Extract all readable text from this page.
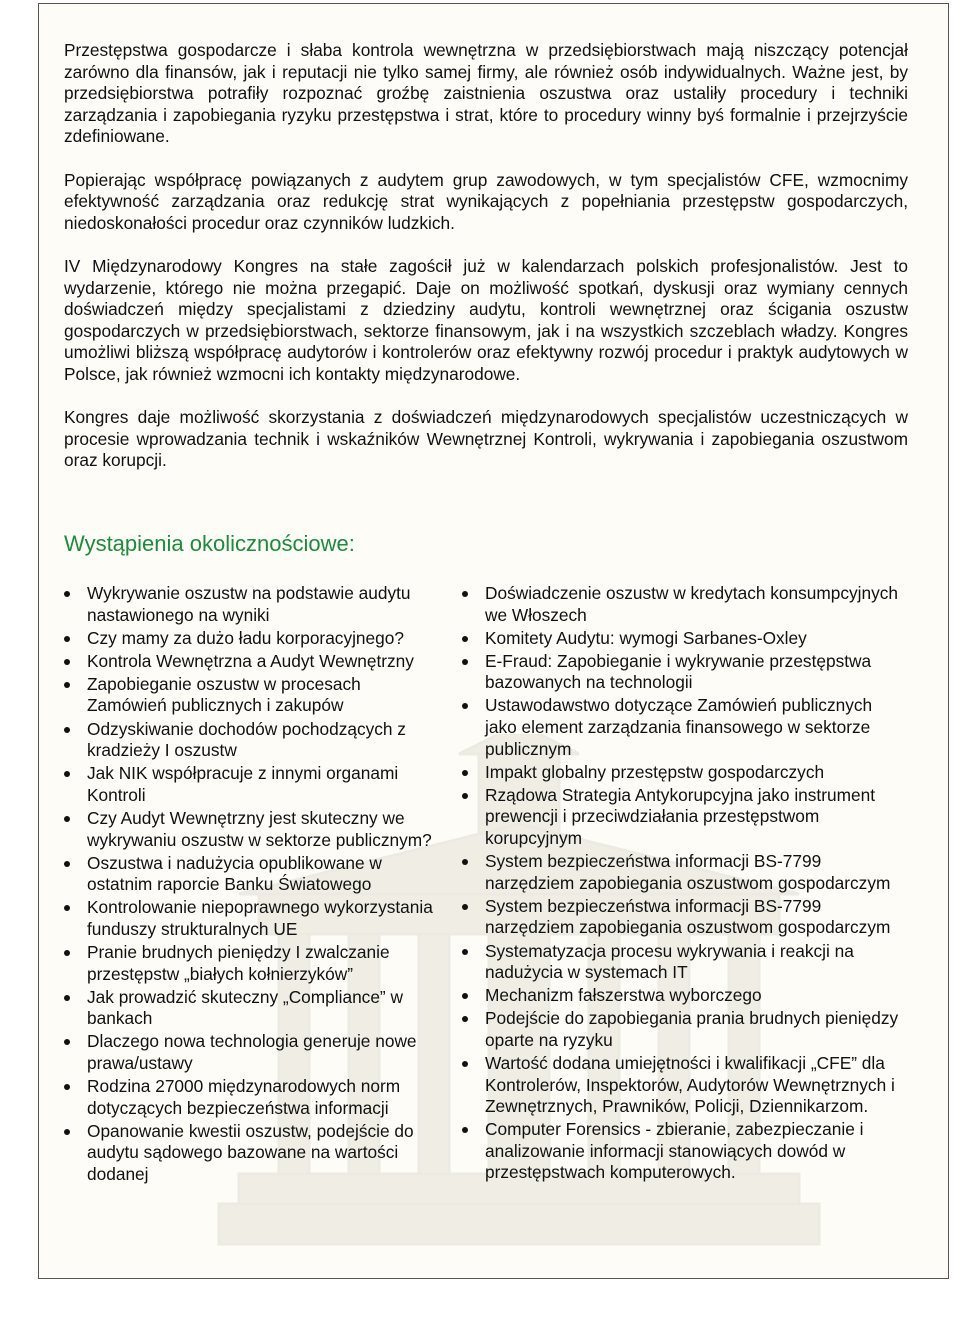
Przestępstwa gospodarcze i słaba kontrola wewnętrzna w przedsiębiorstwach mają niszczący potencjał zarówno dla finansów, jak i reputacji nie tylko samej firmy, ale również osób indywidualnych. Ważne jest, by przedsiębiorstwa potrafiły rozpoznać groźbę zaistnienia oszustwa oraz ustaliły procedury i techniki zarządzania i zapobiegania ryzyku przestępstwa i strat, które to procedury winny byś formalnie i przejrzyście zdefiniowane.

Popierając współpracę powiązanych z audytem grup zawodowych, w tym specjalistów CFE, wzmocnimy efektywność zarządzania oraz redukcję strat wynikających z popełniania przestępstw gospodarczych, niedoskonałości procedur oraz czynników ludzkich.

IV Międzynarodowy Kongres na stałe zagościł już w kalendarzach polskich profesjonalistów. Jest to wydarzenie, którego nie można przegapić. Daje on możliwość spotkań, dyskusji oraz wymiany cennych doświadczeń między specjalistami z dziedziny audytu, kontroli wewnętrznej oraz ścigania oszustw gospodarczych w przedsiębiorstwach, sektorze finansowym, jak i na wszystkich szczeblach władzy. Kongres umożliwi bliższą współpracę audytorów i kontrolerów oraz efektywny rozwój procedur i praktyk audytowych w Polsce, jak również wzmocni ich kontakty międzynarodowe.

Kongres daje możliwość skorzystania z doświadczeń międzynarodowych specjalistów uczestniczących w procesie wprowadzania technik i wskaźników Wewnętrznej Kontroli, wykrywania i zapobiegania oszustwom oraz korupcji.

Wystąpienia okolicznościowe:
Wykrywanie oszustw na podstawie audytu nastawionego na wyniki
Czy mamy za dużo ładu korporacyjnego?
Kontrola Wewnętrzna a Audyt Wewnętrzny
Zapobieganie oszustw w procesach Zamówień publicznych i zakupów
Odzyskiwanie dochodów pochodzących z kradzieży I oszustw
Jak NIK współpracuje z innymi organami Kontroli
Czy Audyt Wewnętrzny jest skuteczny we wykrywaniu oszustw w sektorze publicznym?
Oszustwa i nadużycia opublikowane w ostatnim raporcie Banku Światowego
Kontrolowanie niepoprawnego wykorzystania funduszy strukturalnych UE
Pranie brudnych pieniędzy I zwalczanie przestępstw „białych kołnierzyków”
Jak prowadzić skuteczny „Compliance” w bankach
Dlaczego nowa technologia generuje nowe prawa/ustawy
Rodzina 27000 międzynarodowych norm dotyczących bezpieczeństwa informacji
Opanowanie kwestii oszustw, podejście do audytu sądowego bazowane na wartości dodanej
Doświadczenie oszustw w kredytach konsumpcyjnych we Włoszech
Komitety Audytu: wymogi Sarbanes-Oxley
E-Fraud: Zapobieganie i wykrywanie przestępstwa bazowanych na technologii
Ustawodawstwo dotyczące Zamówień publicznych jako element zarządzania finansowego w sektorze publicznym
Impakt globalny przestępstw gospodarczych
Rządowa Strategia Antykorupcyjna jako instrument prewencji i przeciwdziałania przestępstwom korupcyjnym
System bezpieczeństwa informacji BS-7799 narzędziem zapobiegania oszustwom gospodarczym
System bezpieczeństwa informacji BS-7799 narzędziem zapobiegania oszustwom gospodarczym
Systematyzacja procesu wykrywania i reakcji na nadużycia w systemach IT
Mechanizm fałszerstwa wyborczego
Podejście do zapobiegania prania brudnych pieniędzy oparte na ryzyku
Wartość dodana umiejętności i kwalifikacji „CFE” dla Kontrolerów, Inspektorów, Audytorów Wewnętrznych i Zewnętrznych, Prawników, Policji, Dziennikarzom.
Computer Forensics - zbieranie, zabezpieczanie i analizowanie informacji stanowiących dowód w przestępstwach komputerowych.
